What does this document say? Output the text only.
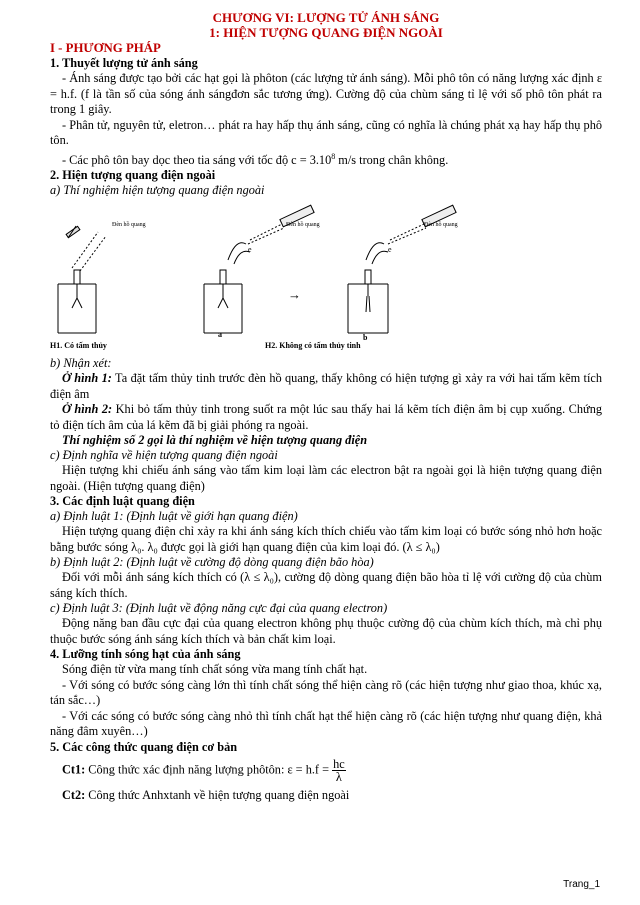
CHƯƠNG VI: LƯỢNG TỬ ÁNH SÁNG
1: HIỆN TƯỢNG QUANG ĐIỆN NGOÀI
I - PHƯƠNG PHÁP
1. Thuyết lượng tử ánh sáng
- Ánh sáng được tạo bởi các hạt gọi là phôton (các lượng tử ánh sáng). Mỗi phô tôn có năng lượng xác định ε = h.f. (f là tần số của sóng ánh sángđơn sắc tương ứng). Cường độ của chùm sáng tỉ lệ với số phô tôn phát ra trong 1 giây.
- Phân tử, nguyên tử, eletron… phát ra hay hấp thụ ánh sáng, cũng có nghĩa là chúng phát xạ hay hấp thụ phô tôn.
- Các phô tôn bay dọc theo tia sáng với tốc độ $c = 3.10^8$ m/s trong chân không.
2. Hiện tượng quang điện ngoài
a) Thí nghiệm hiện tượng quang điện ngoài
Đèn hồ quang	Đèn hồ quang	Đèn hồ quang
e	e
→
a	b
H1. Có tấm thủy	H2. Không có tấm thủy tinh
b) Nhận xét:
Ở hình 1: Ta đặt tấm thủy tinh trước đèn hồ quang, thấy không có hiện tượng gì xảy ra với hai tấm kẽm tích điện âm
Ở hình 2: Khi bỏ tấm thủy tinh trong suốt ra một lúc sau thấy hai lá kẽm tích điện âm bị cụp xuống. Chứng tỏ điện tích âm của lá kẽm đã bị giải phóng ra ngoài.
Thí nghiệm số 2 gọi là thí nghiệm về hiện tượng quang điện
c) Định nghĩa về hiện tượng quang điện ngoài
Hiện tượng khi chiếu ánh sáng vào tấm kim loại làm các electron bật ra ngoài gọi là hiện tượng quang điện ngoài. (Hiện tượng quang điện)
3. Các định luật quang điện
a) Định luật 1: (Định luật về giới hạn quang điện)
Hiện tượng quang điện chỉ xảy ra khi ánh sáng kích thích chiếu vào tấm kim loại có bước sóng nhỏ hơn hoặc bằng bước sóng λ₀. λ₀ được gọi là giới hạn quang điện của kim loại đó. (λ ≤ λ₀)
b) Định luật 2: (Định luật về cường độ dòng quang điện bão hòa)
Đối với mỗi ánh sáng kích thích có (λ ≤ λ₀), cường độ dòng quang điện bão hòa tỉ lệ với cường độ của chùm sáng kích thích.
c) Định luật 3: (Định luật về động năng cực đại của quang electron)
Động năng ban đầu cực đại của quang electron không phụ thuộc cường độ của chùm kích thích, mà chỉ phụ thuộc bước sóng ánh sáng kích thích và bản chất kim loại.
4. Lưỡng tính sóng hạt của ánh sáng
Sóng điện từ vừa mang tính chất sóng vừa mang tính chất hạt.
- Với sóng có bước sóng càng lớn thì tính chất sóng thể hiện càng rõ (các hiện tượng như giao thoa, khúc xạ, tán sắc…)
- Với các sóng có bước sóng càng nhỏ thì tính chất hạt thể hiện càng rõ (các hiện tượng như quang điện, khả năng đâm xuyên…)
5. Các công thức quang điện cơ bản
Ct1: Công thức xác định năng lượng phôtôn: $\varepsilon = h.f = \frac{hc}{\lambda}$
Ct2: Công thức Anhxtanh về hiện tượng quang điện ngoài
Trang_1
